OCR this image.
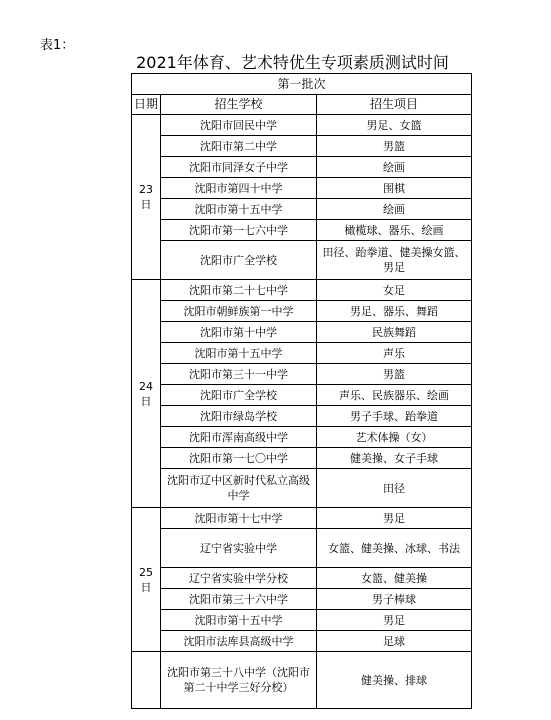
表1：
2021年体育、艺术特优生专项素质测试时间
第一批次		
日期	招生学校	招生项目
23日	沈阳市回民中学	男足、女篮
	沈阳市第二中学	男篮
	沈阳市同泽女子中学	绘画
	沈阳市第四十中学	围棋
	沈阳市第十五中学	绘画
	沈阳市第一七六中学	橄榄球、器乐、绘画
	沈阳市广全学校	田径、跆拳道、健美操女篮、男足
24日	沈阳市第二十七中学	女足
	沈阳市朝鲜族第一中学	男足、器乐、舞蹈
	沈阳市第十中学	民族舞蹈
	沈阳市第十五中学	声乐
	沈阳市第三十一中学	男篮
	沈阳市广全学校	声乐、民族器乐、绘画
	沈阳市绿岛学校	男子手球、跆拳道
	沈阳市浑南高级中学	艺术体操（女）
	沈阳市第一七〇中学	健美操、女子手球
	沈阳市辽中区新时代私立高级中学	田径
25日	沈阳市第十七中学	男足
	辽宁省实验中学	女篮、健美操、冰球、书法
	辽宁省实验中学分校	女篮、健美操
	沈阳市第三十六中学	男子棒球
	沈阳市第十五中学	男足
	沈阳市法库县高级中学	足球
	沈阳市第三十八中学（沈阳市第二十中学三好分校）	健美操、排球
